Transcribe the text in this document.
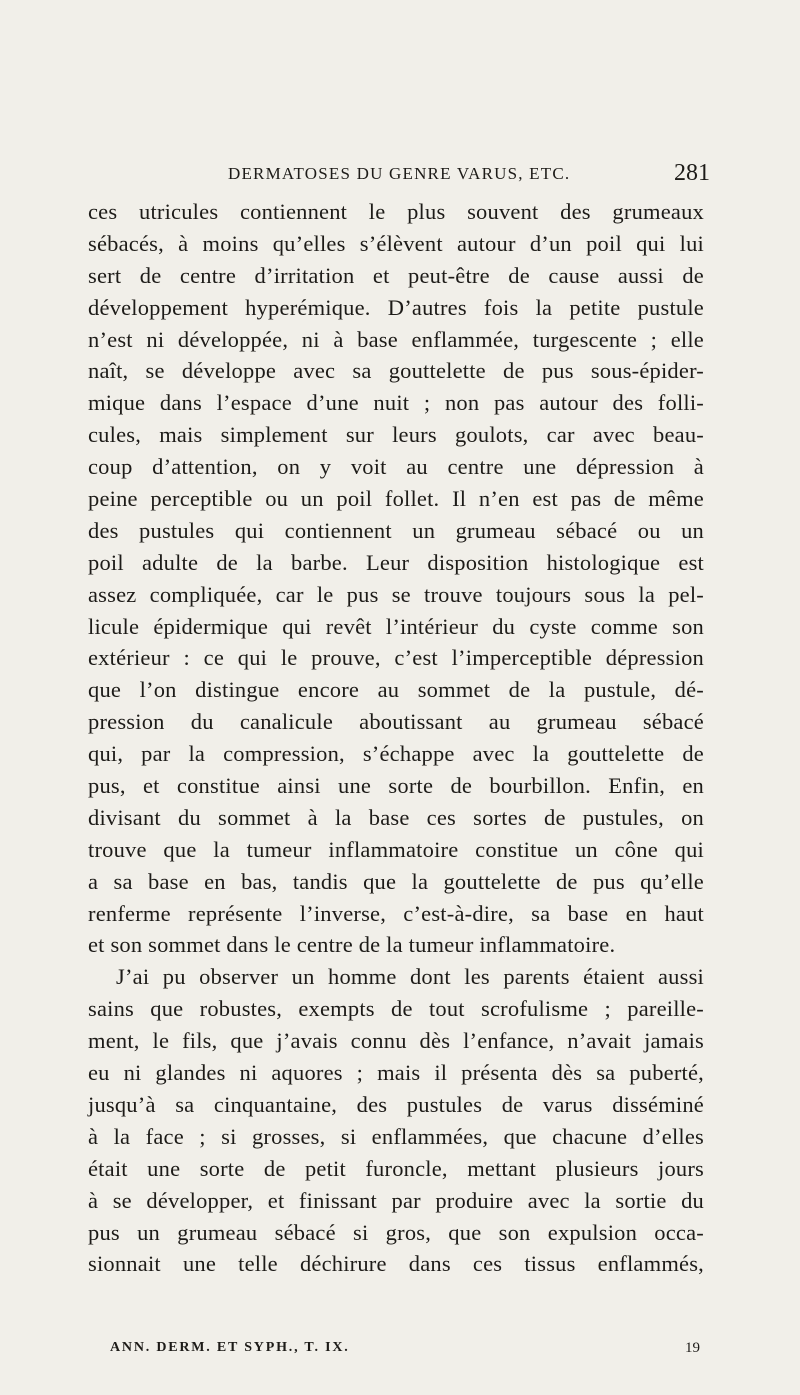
DERMATOSES DU GENRE VARUS, ETC.	281
ces utricules contiennent le plus souvent des grumeaux
sébacés, à moins qu’elles s’élèvent autour d’un poil qui lui
sert de centre d’irritation et peut-être de cause aussi de
développement hyperémique. D’autres fois la petite pustule
n’est ni développée, ni à base enflammée, turgescente ; elle
naît, se développe avec sa gouttelette de pus sous-épider-
mique dans l’espace d’une nuit ; non pas autour des folli-
cules, mais simplement sur leurs goulots, car avec beau-
coup d’attention, on y voit au centre une dépression à
peine perceptible ou un poil follet. Il n’en est pas de même
des pustules qui contiennent un grumeau sébacé ou un
poil adulte de la barbe. Leur disposition histologique est
assez compliquée, car le pus se trouve toujours sous la pel-
licule épidermique qui revêt l’intérieur du cyste comme son
extérieur : ce qui le prouve, c’est l’imperceptible dépression
que l’on distingue encore au sommet de la pustule, dé-
pression du canalicule aboutissant au grumeau sébacé
qui, par la compression, s’échappe avec la gouttelette de
pus, et constitue ainsi une sorte de bourbillon. Enfin, en
divisant du sommet à la base ces sortes de pustules, on
trouve que la tumeur inflammatoire constitue un cône qui
a sa base en bas, tandis que la gouttelette de pus qu’elle
renferme représente l’inverse, c’est-à-dire, sa base en haut
et son sommet dans le centre de la tumeur inflammatoire.
J’ai pu observer un homme dont les parents étaient aussi
sains que robustes, exempts de tout scrofulisme ; pareille-
ment, le fils, que j’avais connu dès l’enfance, n’avait jamais
eu ni glandes ni aquores ; mais il présenta dès sa puberté,
jusqu’à sa cinquantaine, des pustules de varus disséminé
à la face ; si grosses, si enflammées, que chacune d’elles
était une sorte de petit furoncle, mettant plusieurs jours
à se développer, et finissant par produire avec la sortie du
pus un grumeau sébacé si gros, que son expulsion occa-
sionnait une telle déchirure dans ces tissus enflammés,
ANN. DERM. ET SYPH., T. IX.	19
